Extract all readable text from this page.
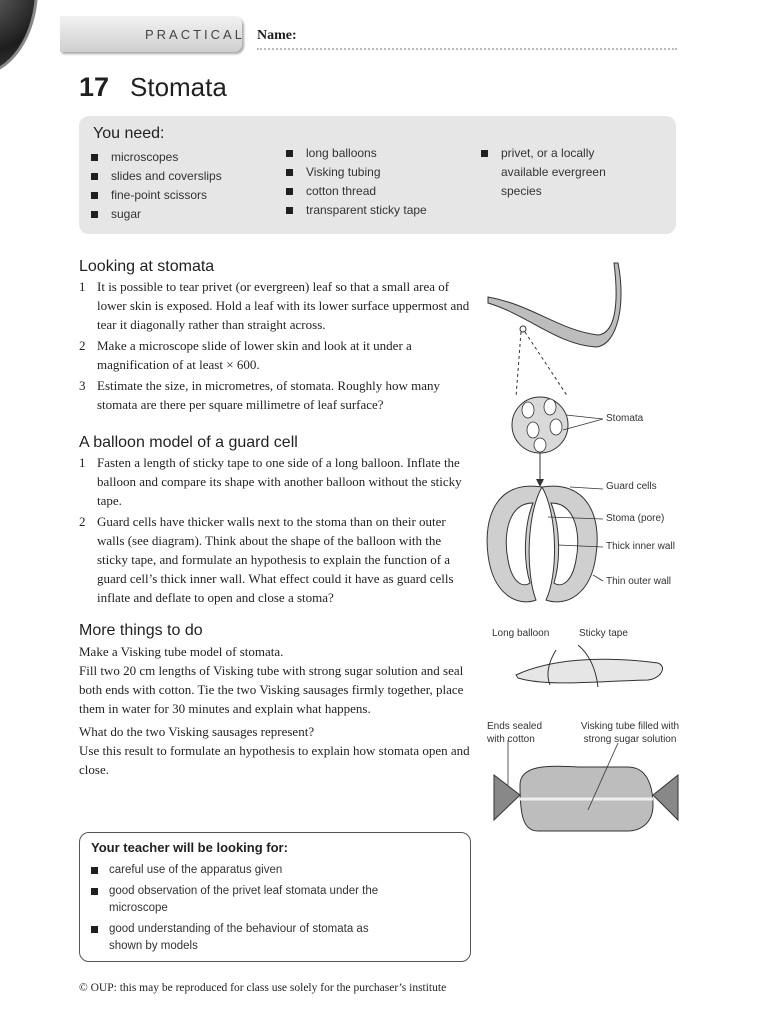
PRACTICAL Name:
17 Stomata
You need:
microscopes
slides and coverslips
fine-point scissors
sugar
long balloons
Visking tubing
cotton thread
transparent sticky tape
privet, or a locally available evergreen species
Looking at stomata
1 It is possible to tear privet (or evergreen) leaf so that a small area of lower skin is exposed. Hold a leaf with its lower surface uppermost and tear it diagonally rather than straight across.
2 Make a microscope slide of lower skin and look at it under a magnification of at least × 600.
3 Estimate the size, in micrometres, of stomata. Roughly how many stomata are there per square millimetre of leaf surface?
A balloon model of a guard cell
1 Fasten a length of sticky tape to one side of a long balloon. Inflate the balloon and compare its shape with another balloon without the sticky tape.
2 Guard cells have thicker walls next to the stoma than on their outer walls (see diagram). Think about the shape of the balloon with the sticky tape, and formulate an hypothesis to explain the function of a guard cell’s thick inner wall. What effect could it have as guard cells inflate and deflate to open and close a stoma?
More things to do
Make a Visking tube model of stomata.
Fill two 20 cm lengths of Visking tube with strong sugar solution and seal both ends with cotton. Tie the two Visking sausages firmly together, place them in water for 30 minutes and explain what happens.
What do the two Visking sausages represent?
Use this result to formulate an hypothesis to explain how stomata open and close.
Your teacher will be looking for:
careful use of the apparatus given
good observation of the privet leaf stomata under the microscope
good understanding of the behaviour of stomata as shown by models
© OUP: this may be reproduced for class use solely for the purchaser’s institute
Stomata
Guard cells
Stoma (pore)
Thick inner wall
Thin outer wall
Long balloon	Sticky tape
Ends sealed with cotton
Visking tube filled with strong sugar solution
